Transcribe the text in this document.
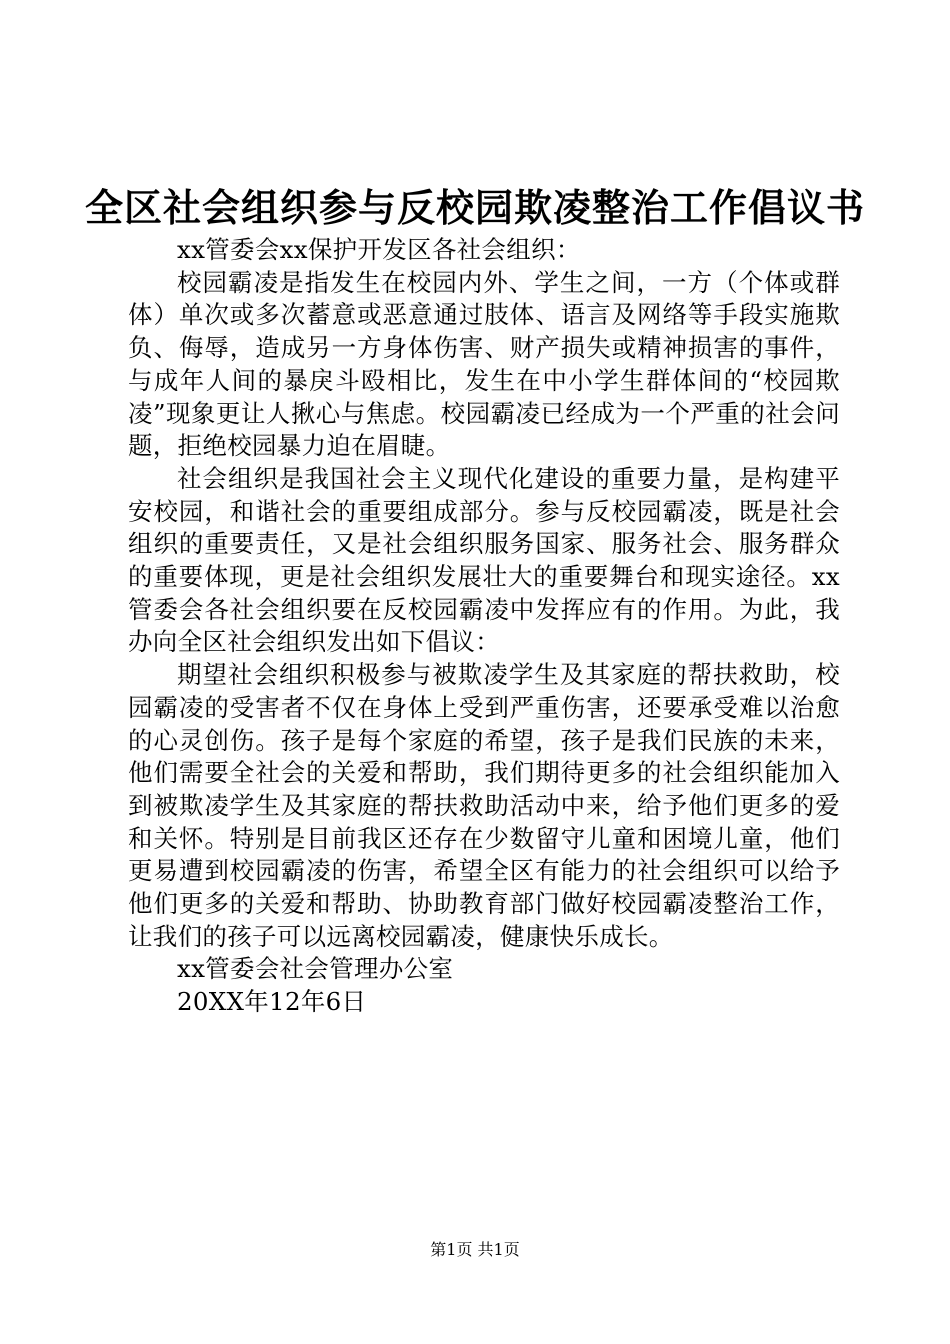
全区社会组织参与反校园欺凌整治工作倡议书

xx管委会xx保护开发区各社会组织：

校园霸凌是指发生在校园内外、学生之间，一方（个体或群体）单次或多次蓄意或恶意通过肢体、语言及网络等手段实施欺负、侮辱，造成另一方身体伤害、财产损失或精神损害的事件，与成年人间的暴戾斗殴相比，发生在中小学生群体间的“校园欺凌”现象更让人揪心与焦虑。校园霸凌已经成为一个严重的社会问题，拒绝校园暴力迫在眉睫。

社会组织是我国社会主义现代化建设的重要力量，是构建平安校园，和谐社会的重要组成部分。参与反校园霸凌，既是社会组织的重要责任，又是社会组织服务国家、服务社会、服务群众的重要体现，更是社会组织发展壮大的重要舞台和现实途径。xx管委会各社会组织要在反校园霸凌中发挥应有的作用。为此，我办向全区社会组织发出如下倡议：

期望社会组织积极参与被欺凌学生及其家庭的帮扶救助，校园霸凌的受害者不仅在身体上受到严重伤害，还要承受难以治愈的心灵创伤。孩子是每个家庭的希望，孩子是我们民族的未来，他们需要全社会的关爱和帮助，我们期待更多的社会组织能加入到被欺凌学生及其家庭的帮扶救助活动中来，给予他们更多的爱和关怀。特别是目前我区还存在少数留守儿童和困境儿童，他们更易遭到校园霸凌的伤害，希望全区有能力的社会组织可以给予他们更多的关爱和帮助、协助教育部门做好校园霸凌整治工作，让我们的孩子可以远离校园霸凌，健康快乐成长。

xx管委会社会管理办公室

20XX年12年6日

第1页 共1页
